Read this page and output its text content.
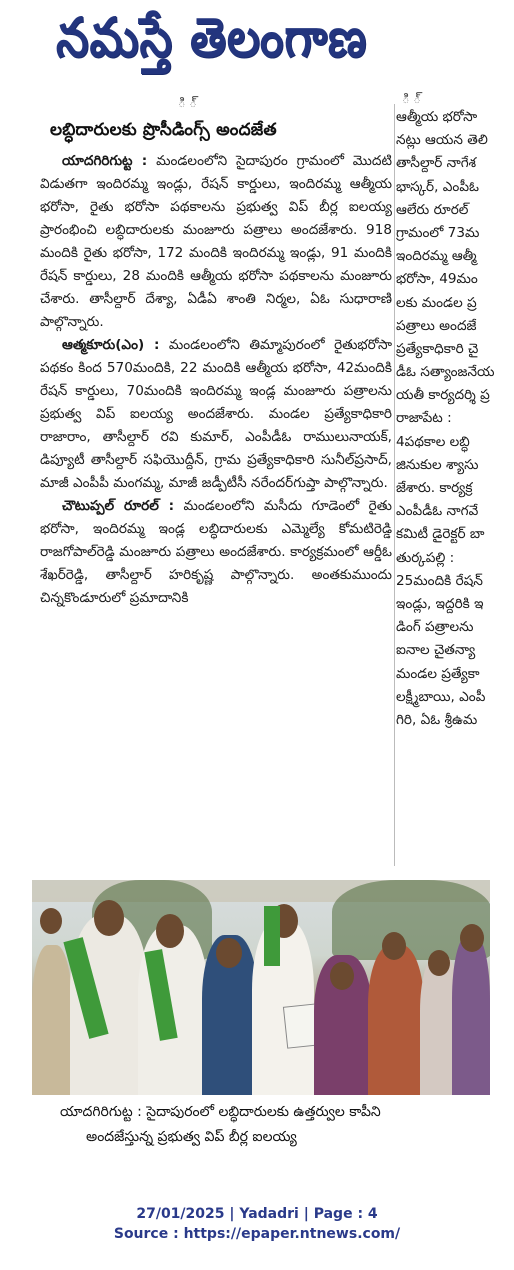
నమస్తే తెలంగాణ
ి ్	ి ్
లబ్ధిదారులకు ప్రొసీడింగ్స్ అందజేత

యాదగిరిగుట్ట : మండలంలోని సైదాపురం గ్రామంలో మొదటి విడుతగా ఇందిరమ్మ ఇండ్లు, రేషన్ కార్డులు, ఇందిరమ్మ ఆత్మీయ భరోసా, రైతు భరోసా పథకాలను ప్రభుత్వ విప్ బీర్ల ఐలయ్య ప్రారంభించి లబ్ధిదారులకు మంజూరు పత్రాలు అందజేశారు. 918 మందికి రైతు భరోసా, 172 మందికి ఇందిరమ్మ ఇండ్లు, 91 మందికి రేషన్ కార్డులు, 28 మందికి ఆత్మీయ భరోసా పథకాలను మంజూరు చేశారు. తాసీల్దార్ దేశ్యా, ఏడీఏ శాంతి నిర్మల, ఏఓ సుధారాణి పాల్గొన్నారు.

ఆత్మకూరు(ఎం) : మండలంలోని తిమ్మాపురంలో రైతుభరోసా పథకం కింద 570మందికి, 22 మందికి ఆత్మీయ భరోసా, 42మందికి రేషన్ కార్డులు, 70మందికి ఇందిరమ్మ ఇండ్ల మంజూరు పత్రాలను ప్రభుత్వ విప్ ఐలయ్య అందజేశారు. మండల ప్రత్యేకాధికారి రాజారాం, తాసీల్దార్ రవి కుమార్, ఎంపీడీఓ రాములునాయక్, డిప్యూటీ తాసీల్దార్ సఫియొద్దీన్, గ్రామ ప్రత్యేకాధికారి సునీల్‌ప్రసాద్, మాజీ ఎంపీపీ మంగమ్మ, మాజీ జడ్పీటీసీ నరేందర్‌గుప్తా పాల్గొన్నారు.

చౌటుప్పల్ రూరల్ : మండలంలోని మసీదు గూడెంలో రైతు భరోసా, ఇందిరమ్మ ఇండ్ల లబ్ధిదారులకు ఎమ్మెల్యే కోమటిరెడ్డి రాజగోపాల్‌రెడ్డి మంజూరు పత్రాలు అందజేశారు. కార్యక్రమంలో ఆర్డీఓ శేఖర్‌రెడ్డి, తాసీల్దార్ హరికృష్ణ పాల్గొన్నారు. అంతకుముందు చిన్నకొండూరులో ప్రమాదానికి

ఆత్మీయ భరోసా
నట్లు ఆయన తెలి
తాసీల్దార్ నాగేశ
భాస్కర్, ఎంపీఓ
ఆలేరు రూరల్
గ్రామంలో 73మ
ఇందిరమ్మ ఆత్మీ
భరోసా, 49మం
లకు మండల ప్ర
పత్రాలు అందజే
ప్రత్యేకాధికారి చై
డీఓ సత్యాంజనేయ
యతీ కార్యదర్శి ప్ర
రాజాపేట :
4పథకాల లబ్ధి
జినుకుల శ్యాసు
జేశారు. కార్యక్ర
ఎంపీడీఓ నాగవే
కమిటీ డైరెక్టర్ బా
తుర్కపల్లి :
25మందికి రేషన్
ఇండ్లు, ఇద్దరికి ఇ
డింగ్ పత్రాలను
ఐనాల చైతన్యా
మండల ప్రత్యేకా
లక్ష్మీబాయి, ఎంపీ
గిరి, ఏఓ శ్రీఉమ
యాదగిరిగుట్ట : సైదాపురంలో లబ్ధిదారులకు ఉత్తర్వుల కాపీని
అందజేస్తున్న ప్రభుత్వ విప్ బీర్ల ఐలయ్య
27/01/2025 | Yadadri | Page : 4
Source : https://epaper.ntnews.com/
